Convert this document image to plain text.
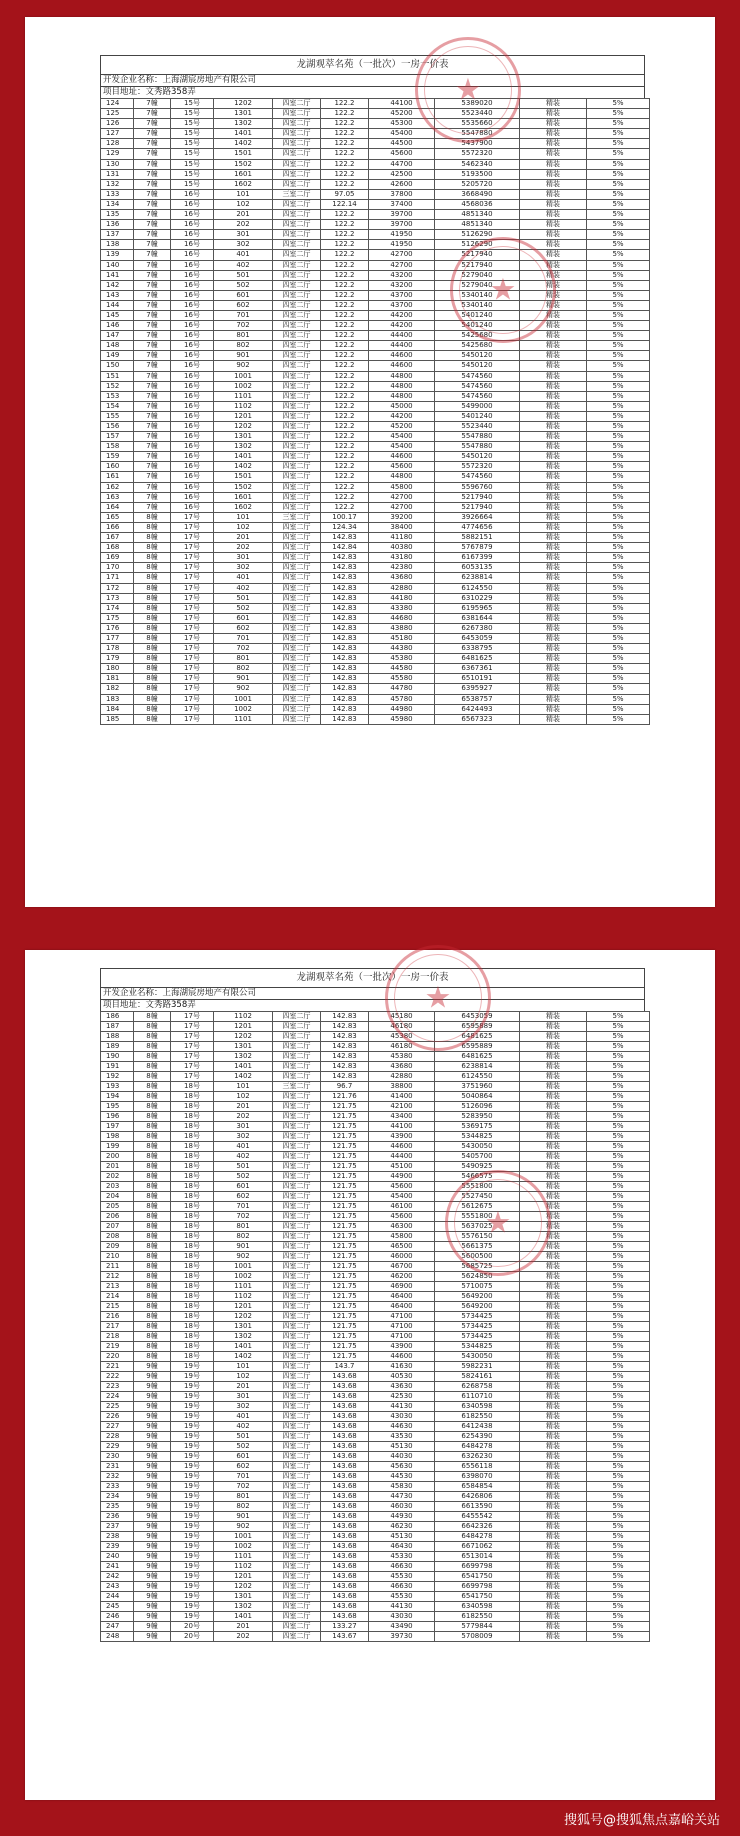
龙湖观萃名苑（一批次）一房一价表
开发企业名称：上海湖宸房地产有限公司
项目地址：文秀路358弄
124	7幢	15号	1202	四室二厅	122.2	44100	5389020	精装	5%
125	7幢	15号	1301	四室二厅	122.2	45200	5523440	精装	5%
126	7幢	15号	1302	四室二厅	122.2	45300	5535660	精装	5%
127	7幢	15号	1401	四室二厅	122.2	45400	5547880	精装	5%
128	7幢	15号	1402	四室二厅	122.2	44500	5437900	精装	5%
129	7幢	15号	1501	四室二厅	122.2	45600	5572320	精装	5%
130	7幢	15号	1502	四室二厅	122.2	44700	5462340	精装	5%
131	7幢	15号	1601	四室二厅	122.2	42500	5193500	精装	5%
132	7幢	15号	1602	四室二厅	122.2	42600	5205720	精装	5%
133	7幢	16号	101	三室二厅	97.05	37800	3668490	精装	5%
134	7幢	16号	102	四室二厅	122.14	37400	4568036	精装	5%
135	7幢	16号	201	四室二厅	122.2	39700	4851340	精装	5%
136	7幢	16号	202	四室二厅	122.2	39700	4851340	精装	5%
137	7幢	16号	301	四室二厅	122.2	41950	5126290	精装	5%
138	7幢	16号	302	四室二厅	122.2	41950	5126290	精装	5%
139	7幢	16号	401	四室二厅	122.2	42700	5217940	精装	5%
140	7幢	16号	402	四室二厅	122.2	42700	5217940	精装	5%
141	7幢	16号	501	四室二厅	122.2	43200	5279040	精装	5%
142	7幢	16号	502	四室二厅	122.2	43200	5279040	精装	5%
143	7幢	16号	601	四室二厅	122.2	43700	5340140	精装	5%
144	7幢	16号	602	四室二厅	122.2	43700	5340140	精装	5%
145	7幢	16号	701	四室二厅	122.2	44200	5401240	精装	5%
146	7幢	16号	702	四室二厅	122.2	44200	5401240	精装	5%
147	7幢	16号	801	四室二厅	122.2	44400	5425680	精装	5%
148	7幢	16号	802	四室二厅	122.2	44400	5425680	精装	5%
149	7幢	16号	901	四室二厅	122.2	44600	5450120	精装	5%
150	7幢	16号	902	四室二厅	122.2	44600	5450120	精装	5%
151	7幢	16号	1001	四室二厅	122.2	44800	5474560	精装	5%
152	7幢	16号	1002	四室二厅	122.2	44800	5474560	精装	5%
153	7幢	16号	1101	四室二厅	122.2	44800	5474560	精装	5%
154	7幢	16号	1102	四室二厅	122.2	45000	5499000	精装	5%
155	7幢	16号	1201	四室二厅	122.2	44200	5401240	精装	5%
156	7幢	16号	1202	四室二厅	122.2	45200	5523440	精装	5%
157	7幢	16号	1301	四室二厅	122.2	45400	5547880	精装	5%
158	7幢	16号	1302	四室二厅	122.2	45400	5547880	精装	5%
159	7幢	16号	1401	四室二厅	122.2	44600	5450120	精装	5%
160	7幢	16号	1402	四室二厅	122.2	45600	5572320	精装	5%
161	7幢	16号	1501	四室二厅	122.2	44800	5474560	精装	5%
162	7幢	16号	1502	四室二厅	122.2	45800	5596760	精装	5%
163	7幢	16号	1601	四室二厅	122.2	42700	5217940	精装	5%
164	7幢	16号	1602	四室二厅	122.2	42700	5217940	精装	5%
165	8幢	17号	101	三室二厅	100.17	39200	3926664	精装	5%
166	8幢	17号	102	四室二厅	124.34	38400	4774656	精装	5%
167	8幢	17号	201	四室二厅	142.83	41180	5882151	精装	5%
168	8幢	17号	202	四室二厅	142.84	40380	5767879	精装	5%
169	8幢	17号	301	四室二厅	142.83	43180	6167399	精装	5%
170	8幢	17号	302	四室二厅	142.83	42380	6053135	精装	5%
171	8幢	17号	401	四室二厅	142.83	43680	6238814	精装	5%
172	8幢	17号	402	四室二厅	142.83	42880	6124550	精装	5%
173	8幢	17号	501	四室二厅	142.83	44180	6310229	精装	5%
174	8幢	17号	502	四室二厅	142.83	43380	6195965	精装	5%
175	8幢	17号	601	四室二厅	142.83	44680	6381644	精装	5%
176	8幢	17号	602	四室二厅	142.83	43880	6267380	精装	5%
177	8幢	17号	701	四室二厅	142.83	45180	6453059	精装	5%
178	8幢	17号	702	四室二厅	142.83	44380	6338795	精装	5%
179	8幢	17号	801	四室二厅	142.83	45380	6481625	精装	5%
180	8幢	17号	802	四室二厅	142.83	44580	6367361	精装	5%
181	8幢	17号	901	四室二厅	142.83	45580	6510191	精装	5%
182	8幢	17号	902	四室二厅	142.83	44780	6395927	精装	5%
183	8幢	17号	1001	四室二厅	142.83	45780	6538757	精装	5%
184	8幢	17号	1002	四室二厅	142.83	44980	6424493	精装	5%
185	8幢	17号	1101	四室二厅	142.83	45980	6567323	精装	5%
★
★
龙湖观萃名苑（一批次）一房一价表
开发企业名称：上海湖宸房地产有限公司
项目地址：文秀路358弄
186	8幢	17号	1102	四室二厅	142.83	45180	6453059	精装	5%
187	8幢	17号	1201	四室二厅	142.83	46180	6595889	精装	5%
188	8幢	17号	1202	四室二厅	142.83	45380	6481625	精装	5%
189	8幢	17号	1301	四室二厅	142.83	46180	6595889	精装	5%
190	8幢	17号	1302	四室二厅	142.83	45380	6481625	精装	5%
191	8幢	17号	1401	四室二厅	142.83	43680	6238814	精装	5%
192	8幢	17号	1402	四室二厅	142.83	42880	6124550	精装	5%
193	8幢	18号	101	三室二厅	96.7	38800	3751960	精装	5%
194	8幢	18号	102	四室二厅	121.76	41400	5040864	精装	5%
195	8幢	18号	201	四室二厅	121.75	42100	5126096	精装	5%
196	8幢	18号	202	四室二厅	121.75	43400	5283950	精装	5%
197	8幢	18号	301	四室二厅	121.75	44100	5369175	精装	5%
198	8幢	18号	302	四室二厅	121.75	43900	5344825	精装	5%
199	8幢	18号	401	四室二厅	121.75	44600	5430050	精装	5%
200	8幢	18号	402	四室二厅	121.75	44400	5405700	精装	5%
201	8幢	18号	501	四室二厅	121.75	45100	5490925	精装	5%
202	8幢	18号	502	四室二厅	121.75	44900	5466575	精装	5%
203	8幢	18号	601	四室二厅	121.75	45600	5551800	精装	5%
204	8幢	18号	602	四室二厅	121.75	45400	5527450	精装	5%
205	8幢	18号	701	四室二厅	121.75	46100	5612675	精装	5%
206	8幢	18号	702	四室二厅	121.75	45600	5551800	精装	5%
207	8幢	18号	801	四室二厅	121.75	46300	5637025	精装	5%
208	8幢	18号	802	四室二厅	121.75	45800	5576150	精装	5%
209	8幢	18号	901	四室二厅	121.75	46500	5661375	精装	5%
210	8幢	18号	902	四室二厅	121.75	46000	5600500	精装	5%
211	8幢	18号	1001	四室二厅	121.75	46700	5685725	精装	5%
212	8幢	18号	1002	四室二厅	121.75	46200	5624850	精装	5%
213	8幢	18号	1101	四室二厅	121.75	46900	5710075	精装	5%
214	8幢	18号	1102	四室二厅	121.75	46400	5649200	精装	5%
215	8幢	18号	1201	四室二厅	121.75	46400	5649200	精装	5%
216	8幢	18号	1202	四室二厅	121.75	47100	5734425	精装	5%
217	8幢	18号	1301	四室二厅	121.75	47100	5734425	精装	5%
218	8幢	18号	1302	四室二厅	121.75	47100	5734425	精装	5%
219	8幢	18号	1401	四室二厅	121.75	43900	5344825	精装	5%
220	8幢	18号	1402	四室二厅	121.75	44600	5430050	精装	5%
221	9幢	19号	101	四室二厅	143.7	41630	5982231	精装	5%
222	9幢	19号	102	四室二厅	143.68	40530	5824161	精装	5%
223	9幢	19号	201	四室二厅	143.68	43630	6268758	精装	5%
224	9幢	19号	301	四室二厅	143.68	42530	6110710	精装	5%
225	9幢	19号	302	四室二厅	143.68	44130	6340598	精装	5%
226	9幢	19号	401	四室二厅	143.68	43030	6182550	精装	5%
227	9幢	19号	402	四室二厅	143.68	44630	6412438	精装	5%
228	9幢	19号	501	四室二厅	143.68	43530	6254390	精装	5%
229	9幢	19号	502	四室二厅	143.68	45130	6484278	精装	5%
230	9幢	19号	601	四室二厅	143.68	44030	6326230	精装	5%
231	9幢	19号	602	四室二厅	143.68	45630	6556118	精装	5%
232	9幢	19号	701	四室二厅	143.68	44530	6398070	精装	5%
233	9幢	19号	702	四室二厅	143.68	45830	6584854	精装	5%
234	9幢	19号	801	四室二厅	143.68	44730	6426806	精装	5%
235	9幢	19号	802	四室二厅	143.68	46030	6613590	精装	5%
236	9幢	19号	901	四室二厅	143.68	44930	6455542	精装	5%
237	9幢	19号	902	四室二厅	143.68	46230	6642326	精装	5%
238	9幢	19号	1001	四室二厅	143.68	45130	6484278	精装	5%
239	9幢	19号	1002	四室二厅	143.68	46430	6671062	精装	5%
240	9幢	19号	1101	四室二厅	143.68	45330	6513014	精装	5%
241	9幢	19号	1102	四室二厅	143.68	46630	6699798	精装	5%
242	9幢	19号	1201	四室二厅	143.68	45530	6541750	精装	5%
243	9幢	19号	1202	四室二厅	143.68	46630	6699798	精装	5%
244	9幢	19号	1301	四室二厅	143.68	45530	6541750	精装	5%
245	9幢	19号	1302	四室二厅	143.68	44130	6340598	精装	5%
246	9幢	19号	1401	四室二厅	143.68	43030	6182550	精装	5%
247	9幢	20号	201	四室二厅	133.27	43490	5779844	精装	5%
248	9幢	20号	202	四室二厅	143.67	39730	5708009	精装	5%
★
★
搜狐号@搜狐焦点嘉峪关站
